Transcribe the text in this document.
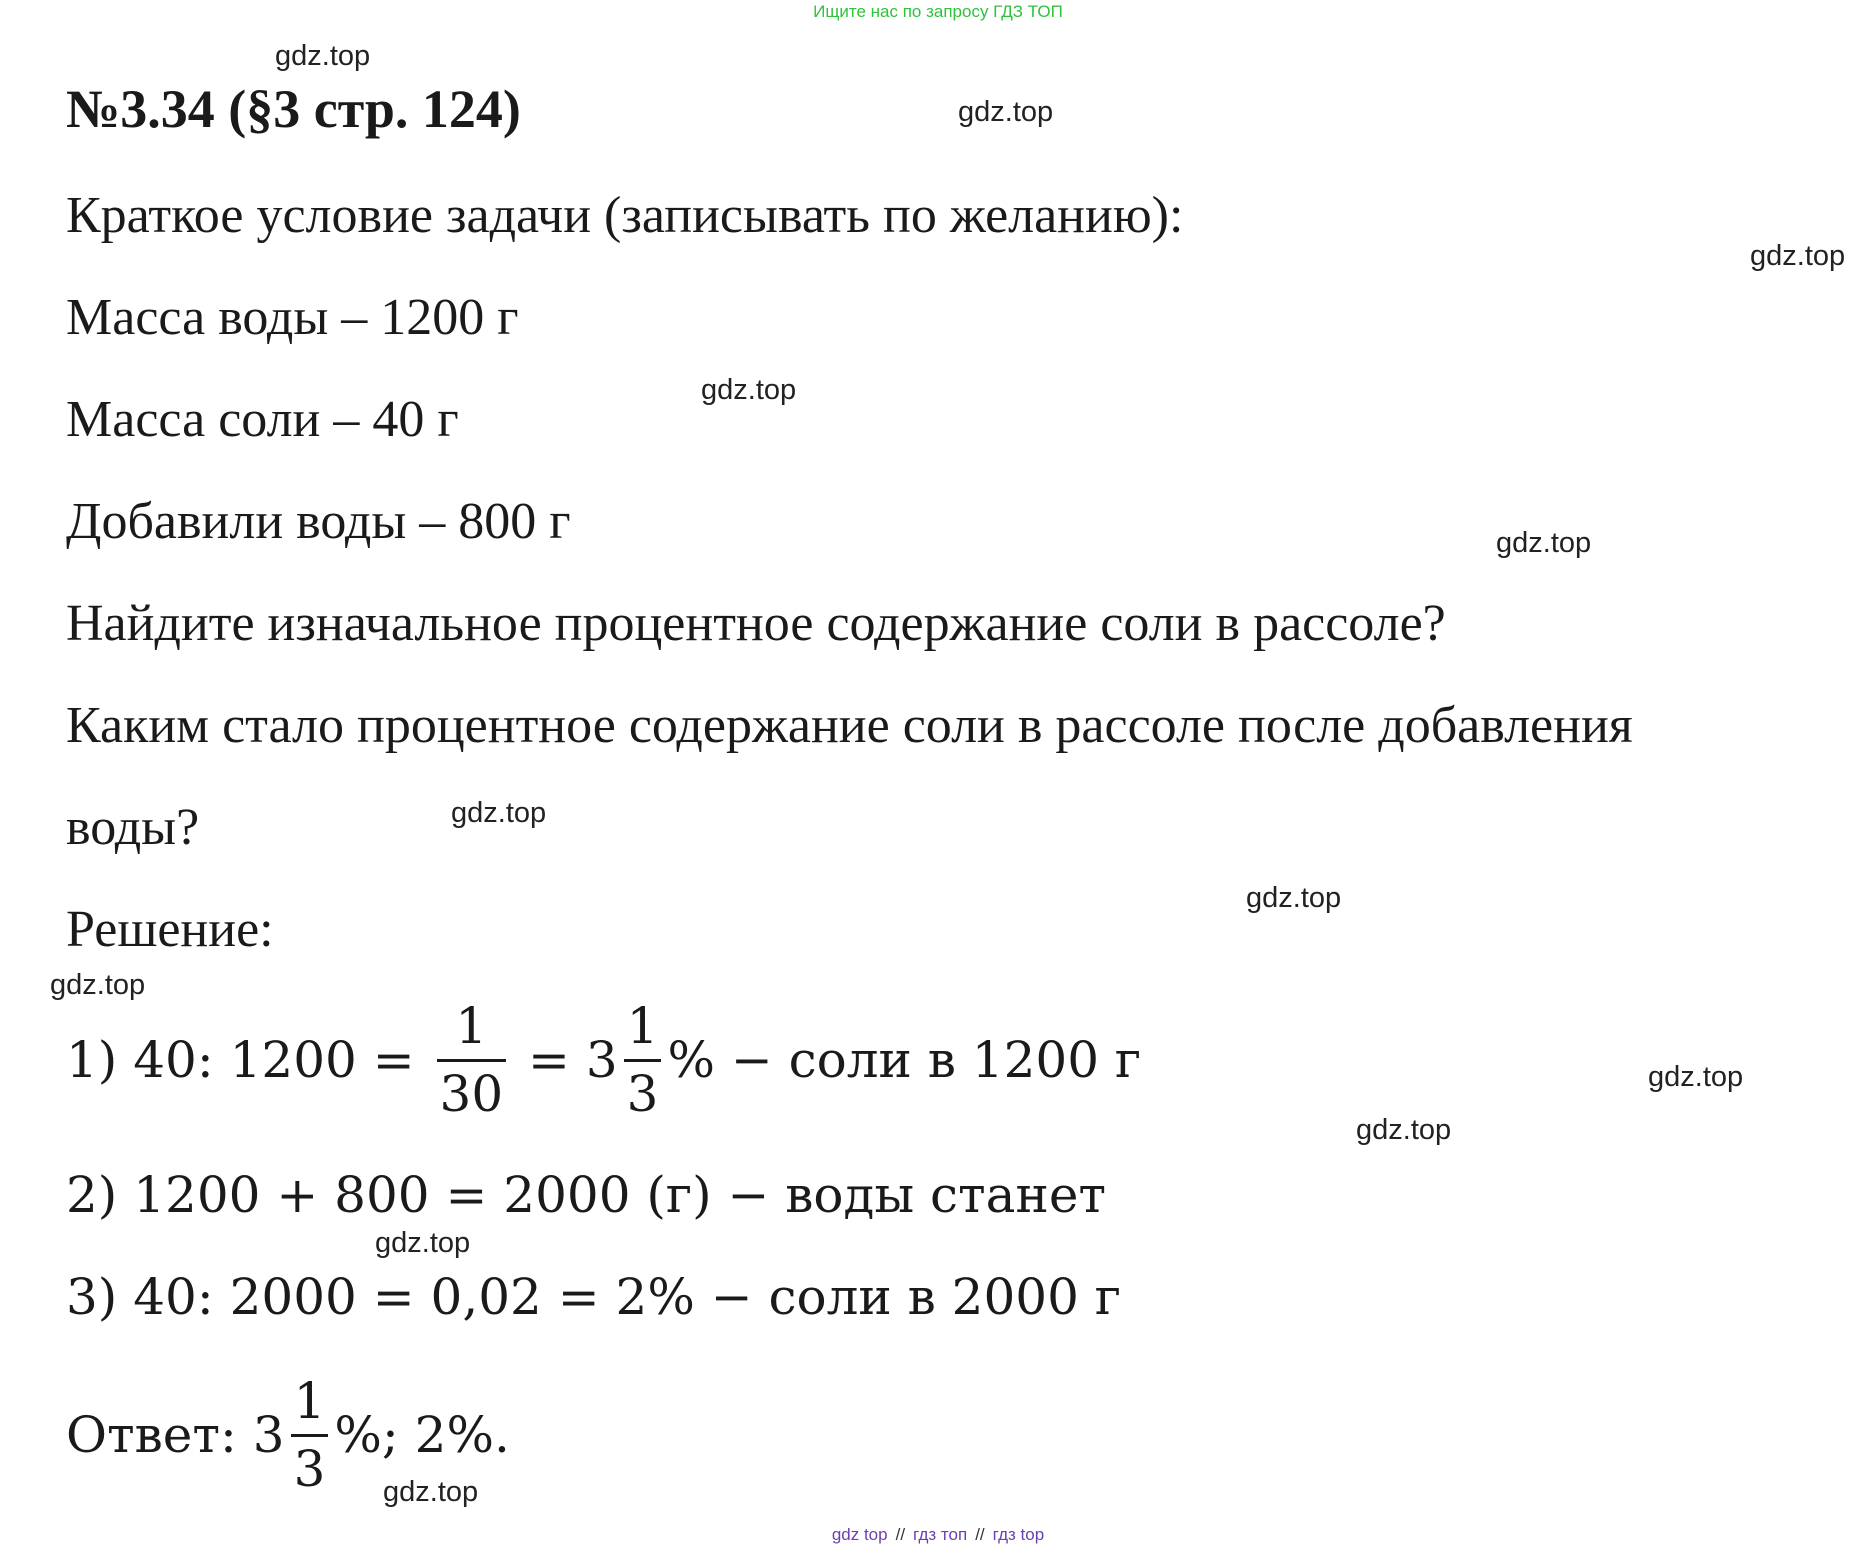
Ищите нас по запросу ГДЗ ТОП
№3.34 (§3 стр. 124)
Краткое условие задачи (записывать по желанию):
Масса воды – 1200 г
Масса соли – 40 г
Добавили воды – 800 г
Найдите изначальное процентное содержание соли в рассоле?
Каким стало процентное содержание соли в рассоле после добавления
воды?
Решение:
1) 40: $1200 = \frac{1}{30} = 3 \frac{1}{3}$ % − соли в 1200 г
2) 1200 + 800 = 2000 (г) − воды станет
3) 40: 2000 = 0,02 = 2% − соли в 2000 г
Ответ: $3 \frac{1}{3}$ %; 2%.
gdz.top
gdz.top
gdz.top
gdz.top
gdz.top
gdz.top
gdz.top
gdz.top
gdz.top
gdz.top
gdz.top
gdz.top
gdz top // гдз топ // гдз top
